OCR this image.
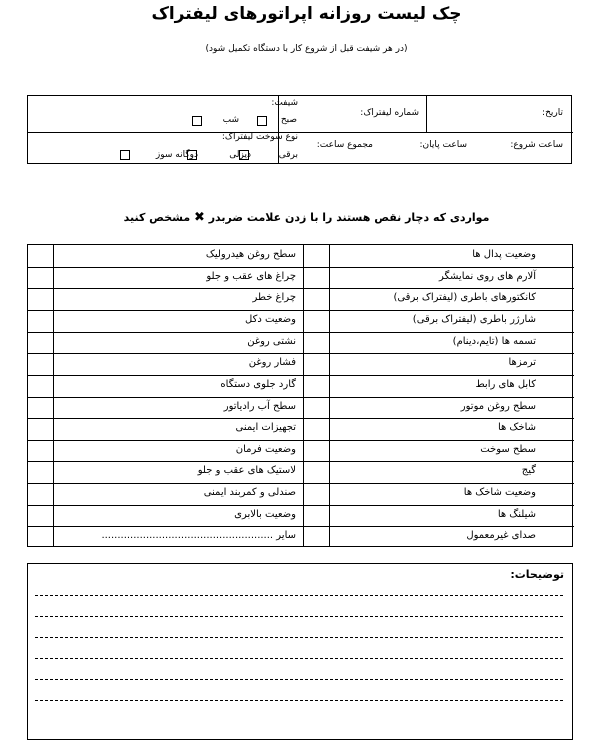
چک لیست روزانه اپراتورهای لیفتراک
(در هر شیفت قبل از شروع کار با دستگاه تکمیل شود)
تاریخ:
شماره لیفتراک:
شیفت:
صبح
شب
ساعت شروع:
ساعت پایان:
مجموع ساعت:
نوع سوخت لیفتراک:
برقی
دیزلی
دوگانه سوز
مواردی که دچار نقص هستند را با زدن علامت ضربدر ✖ مشخص کنید
وضعیت پدال ها
سطح روغن هیدرولیک
آلارم های روی نمایشگر
چراغ های عقب و جلو
کانکتورهای باطری (لیفتراک برقی)
چراغ خطر
شارژر باطری (لیفتراک برقی)
وضعیت دکل
تسمه ها (تایم،دینام)
نشتی روغن
ترمزها
فشار روغن
کابل های رابط
گارد جلوی دستگاه
سطح روغن موتور
سطح آب رادیاتور
شاخک ها
تجهیزات ایمنی
سطح سوخت
وضعیت فرمان
گیج
لاستیک های عقب و جلو
وضعیت شاخک ها
صندلی و کمربند ایمنی
شیلنگ ها
وضعیت بالابری
صدای غیرمعمول
سایر ......................................................
توضیحات:
